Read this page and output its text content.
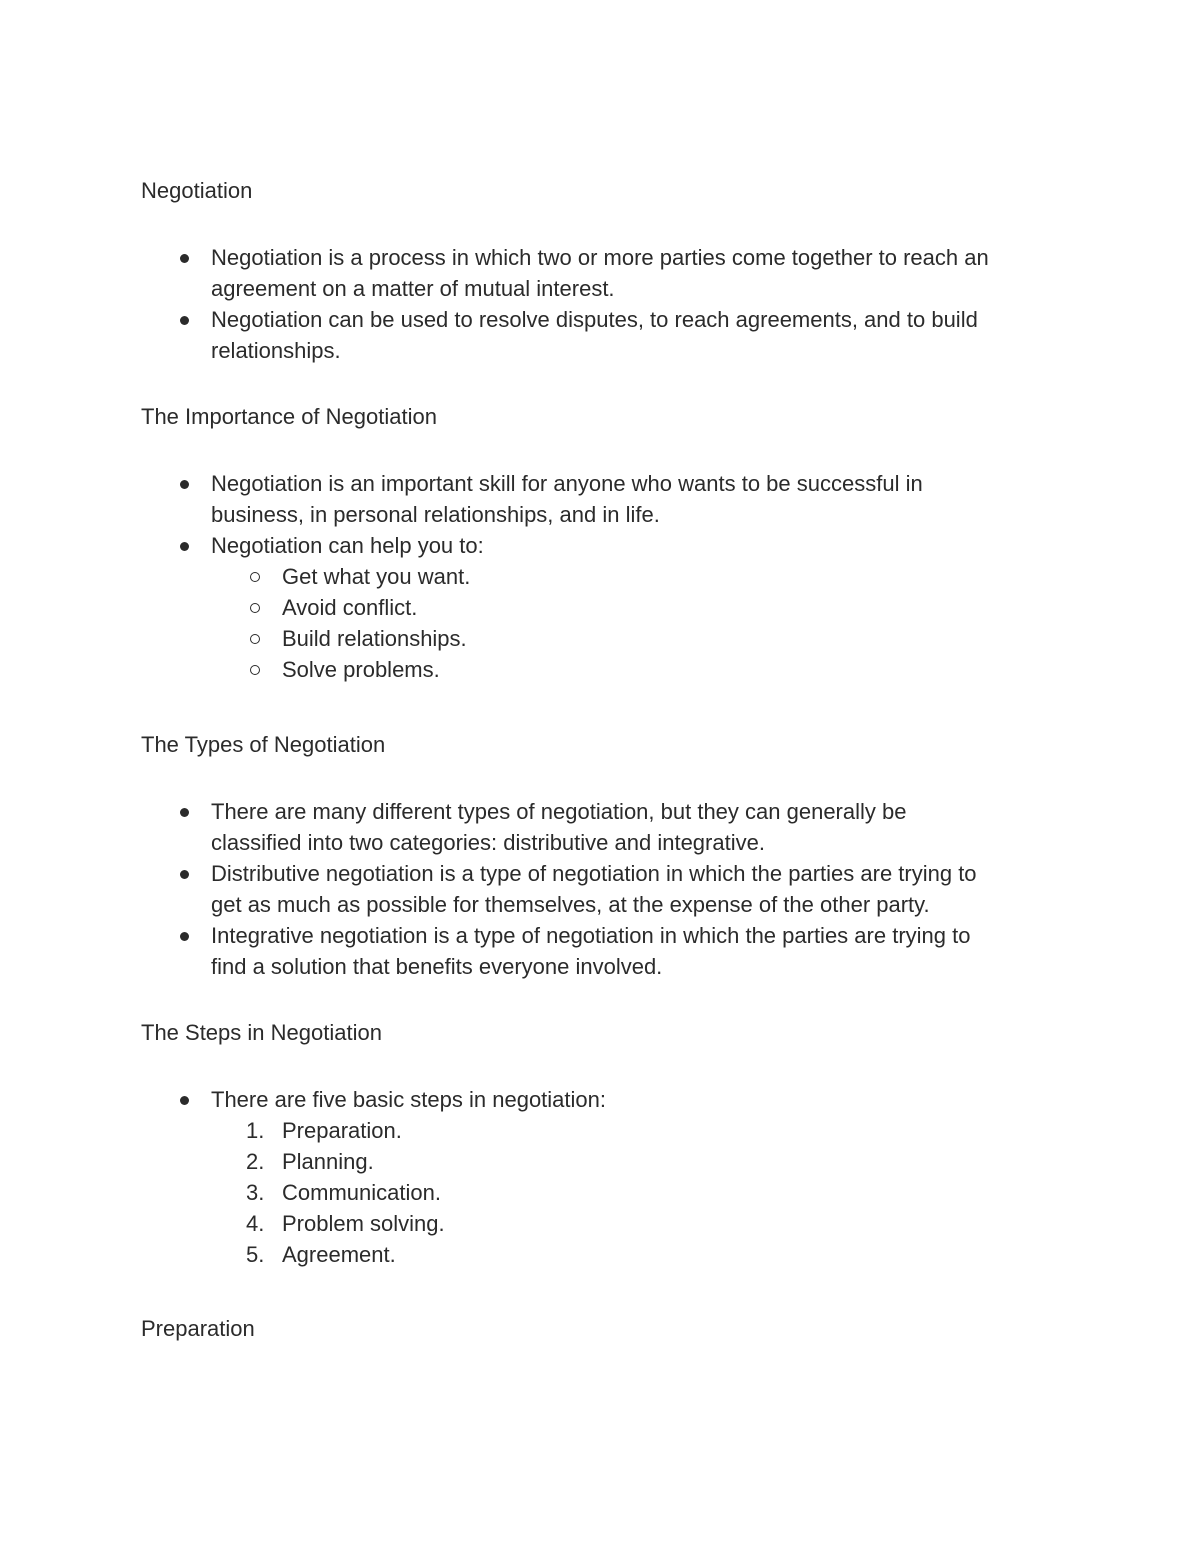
Negotiation
Negotiation is a process in which two or more parties come together to reach an
agreement on a matter of mutual interest.
Negotiation can be used to resolve disputes, to reach agreements, and to build
relationships.
The Importance of Negotiation
Negotiation is an important skill for anyone who wants to be successful in
business, in personal relationships, and in life.
Negotiation can help you to:
Get what you want.
Avoid conflict.
Build relationships.
Solve problems.
The Types of Negotiation
There are many different types of negotiation, but they can generally be
classified into two categories: distributive and integrative.
Distributive negotiation is a type of negotiation in which the parties are trying to
get as much as possible for themselves, at the expense of the other party.
Integrative negotiation is a type of negotiation in which the parties are trying to
find a solution that benefits everyone involved.
The Steps in Negotiation
There are five basic steps in negotiation:
1. Preparation.
2. Planning.
3. Communication.
4. Problem solving.
5. Agreement.
Preparation
